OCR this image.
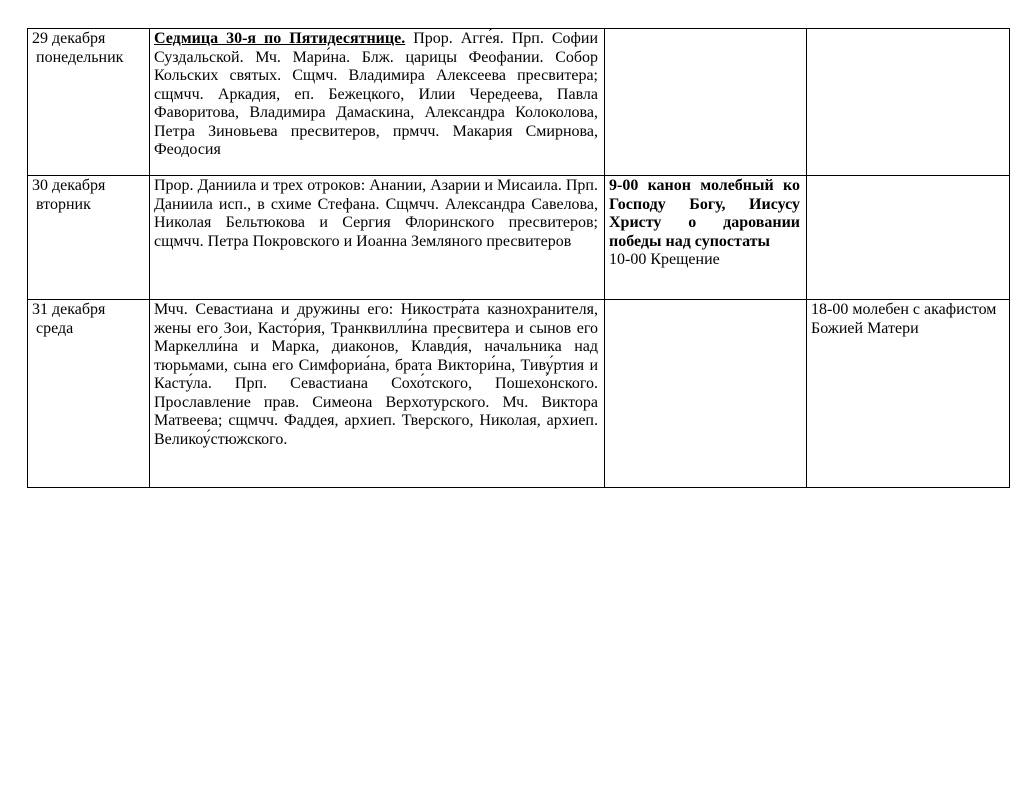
29 декабря
понедельник	Седмица 30-я по Пятидесятнице. Прор. Агге́я. Прп. Софии Суздальской. Мч. Мари́на. Блж. царицы Феофании. Собор Кольских святых. Сщмч. Владимира Алексеева пресвитера; сщмчч. Аркадия, еп. Бежецкого, Илии Чередеева, Павла Фаворитова, Владимира Дамаскина, Александра Колоколова, Петра Зиновьева пресвитеров, прмчч. Макария Смирнова, Феодосия	

30 декабря
вторник	Прор. Даниила и трех отроков: Анании, Азарии и Мисаила. Прп. Даниила исп., в схиме Стефана. Сщмчч. Александра Савелова, Николая Бельтюкова и Сергия Флоринского пресвитеров; сщмчч. Петра Покровского и Иоанна Земляного пресвитеров	9-00 канон молебный ко Господу Богу, Иисусу Христу о даровании победы над супостаты
10-00 Крещение	

31 декабря
среда	Мчч. Севастиана и дружины его: Никостра́та казнохранителя, жены его Зои, Касто́рия, Транквилли́на пресвитера и сынов его Маркелли́на и Марка, диаконов, Клавди́я, начальника над тюрьмами, сына его Симфориа́на, брата Виктори́на, Тиву́ртия и Касту́ла. Прп. Севастиана Сохо́тского, Пошехо́нского. Прославление прав. Симеона Верхотурского. Мч. Виктора Матвеева; сщмчч. Фаддея, архиеп. Тверского, Николая, архиеп. Великоу́стюжского.		18-00 молебен с акафистом Божией Матери
